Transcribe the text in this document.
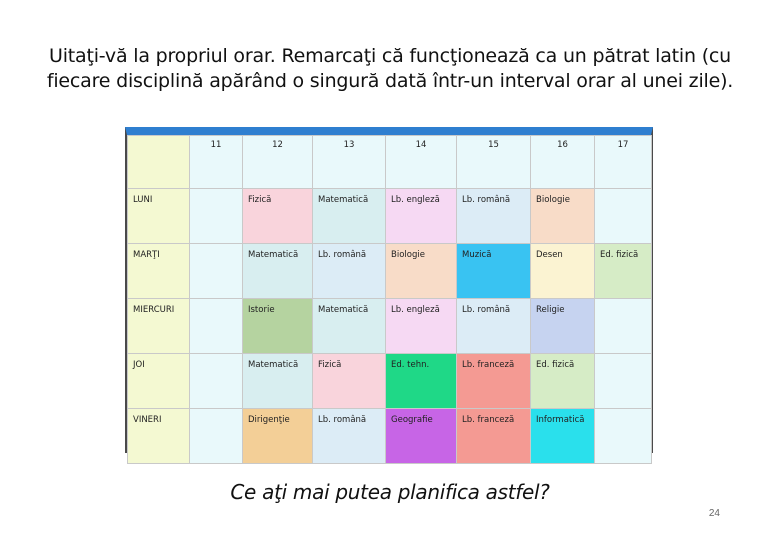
Uitaţi-vă la propriul orar. Remarcaţi că funcţionează ca un pătrat latin (cu
fiecare disciplină apărând o singură dată într-un interval orar al unei zile).
	11	12	13	14	15	16	17
LUNI		Fizică	Matematică	Lb. engleză	Lb. română	Biologie	
MARŢI		Matematică	Lb. română	Biologie	Muzică	Desen	Ed. fizică
MIERCURI		Istorie	Matematică	Lb. engleză	Lb. română	Religie	
JOI		Matematică	Fizică	Ed. tehn.	Lb. franceză	Ed. fizică	
VINERI		Dirigenţie	Lb. română	Geografie	Lb. franceză	Informatică	
Ce aţi mai putea planifica astfel?
24
